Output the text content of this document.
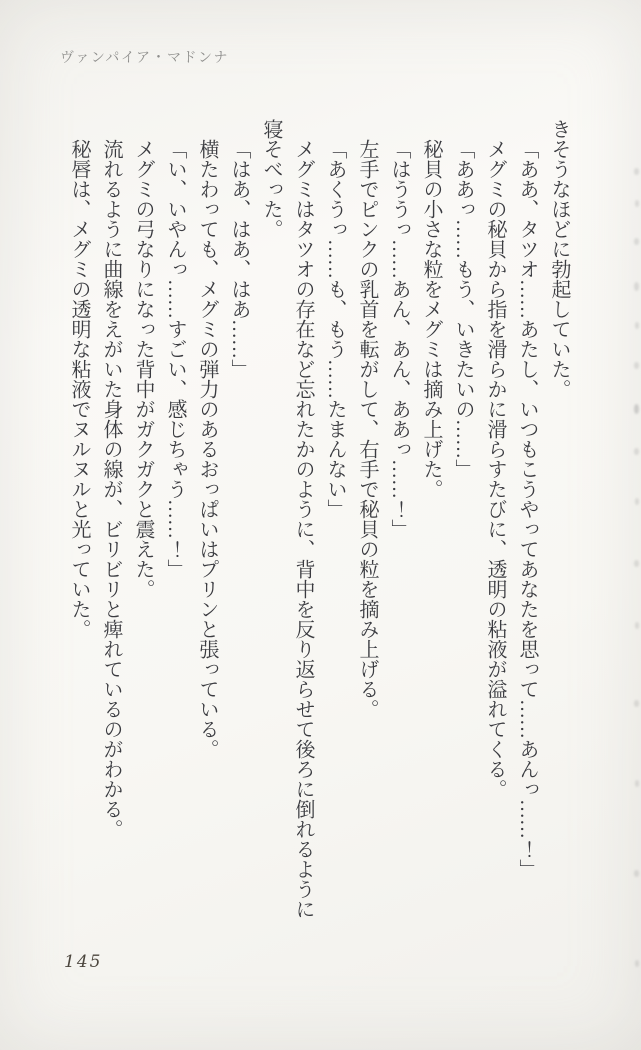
ヴァンパイア・マドンナ

きそうなほどに勃起していた。

「ああ、タツオ……あたし、いつもこうやってあなたを思って……あんっ……！」

メグミの秘貝から指を滑らかに滑らすたびに、透明の粘液が溢れてくる。

「ああっ……もう、いきたいの……」

秘貝の小さな粒をメグミは摘み上げた。

「はううっ……あん、あん、ああっ……！」

左手でピンクの乳首を転がして、右手で秘貝の粒を摘み上げる。

「あくうっ……も、もう……たまんない」

メグミはタツオの存在など忘れたかのように、背中を反り返らせて後ろに倒れるように寝そべった。

「はあ、はあ、はあ……」

横たわっても、メグミの弾力のあるおっぱいはプリンと張っている。

「い、いやんっ……すごい、感じちゃう……！」

メグミの弓なりになった背中がガクガクと震えた。

流れるように曲線をえがいた身体の線が、ビリビリと痺れているのがわかる。

秘唇は、メグミの透明な粘液でヌルヌルと光っていた。

145
